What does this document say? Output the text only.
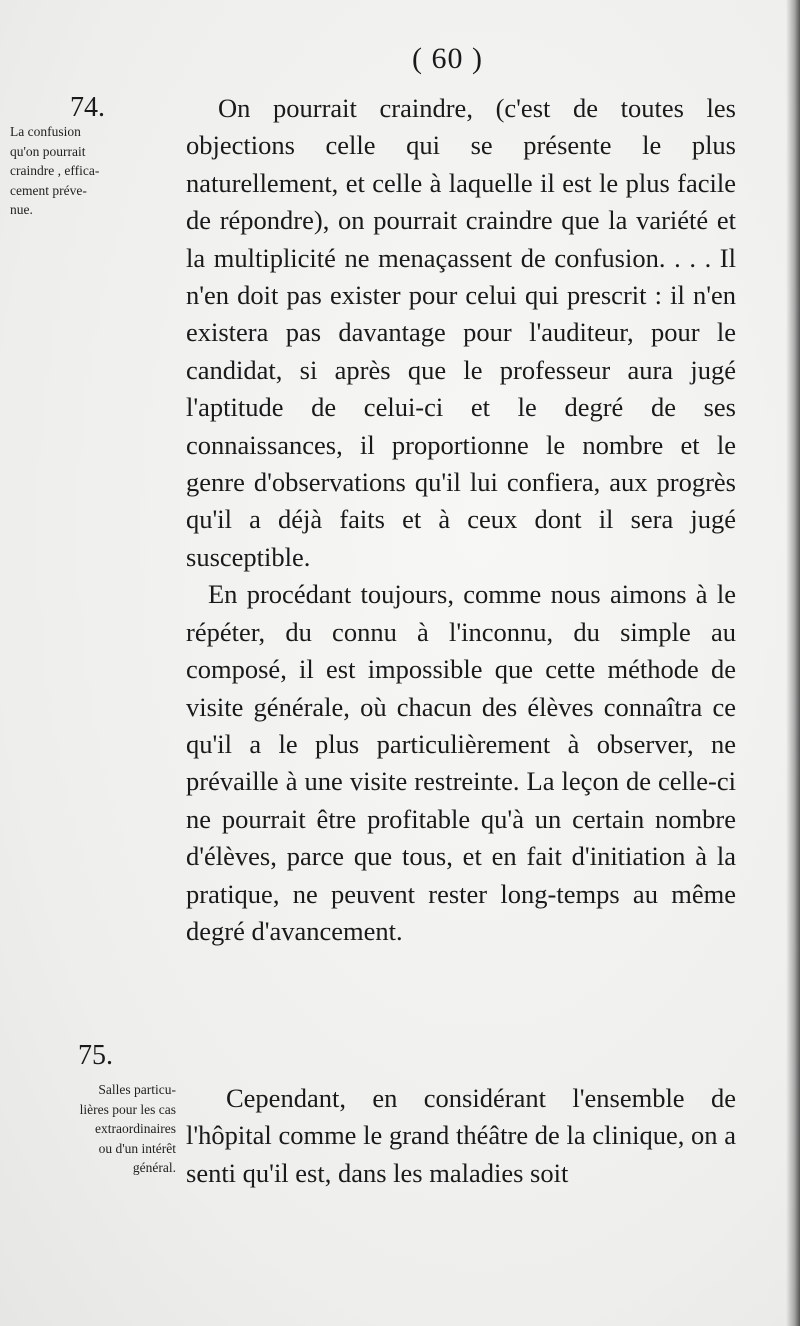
( 60 )
74.
La confusion
qu'on pourrait
craindre , effica-
cement préve-
nue.

On pourrait craindre, (c'est de toutes les objections celle qui se présente le plus naturellement, et celle à laquelle il est le plus facile de répondre), on pourrait craindre que la variété et la multiplicité ne menaçassent de confusion. . . . Il n'en doit pas exister pour celui qui prescrit : il n'en existera pas davantage pour l'auditeur, pour le candidat, si après que le professeur aura jugé l'aptitude de celui-ci et le degré de ses connaissances, il proportionne le nombre et le genre d'observations qu'il lui confiera, aux progrès qu'il a déjà faits et à ceux dont il sera jugé susceptible.

En procédant toujours, comme nous aimons à le répéter, du connu à l'inconnu, du simple au composé, il est impossible que cette méthode de visite générale, où chacun des élèves connaîtra ce qu'il a le plus particulièrement à observer, ne prévaille à une visite restreinte. La leçon de celle-ci ne pourrait être profitable qu'à un certain nombre d'élèves, parce que tous, et en fait d'initiation à la pratique, ne peuvent rester long-temps au même degré d'avancement.

Cependant, en considérant l'ensemble de l'hôpital comme le grand théâtre de la clinique, on a senti qu'il est, dans les maladies soit

75.
Salles particu-
lières pour les cas
extraordinaires
ou d'un intérêt
général.
